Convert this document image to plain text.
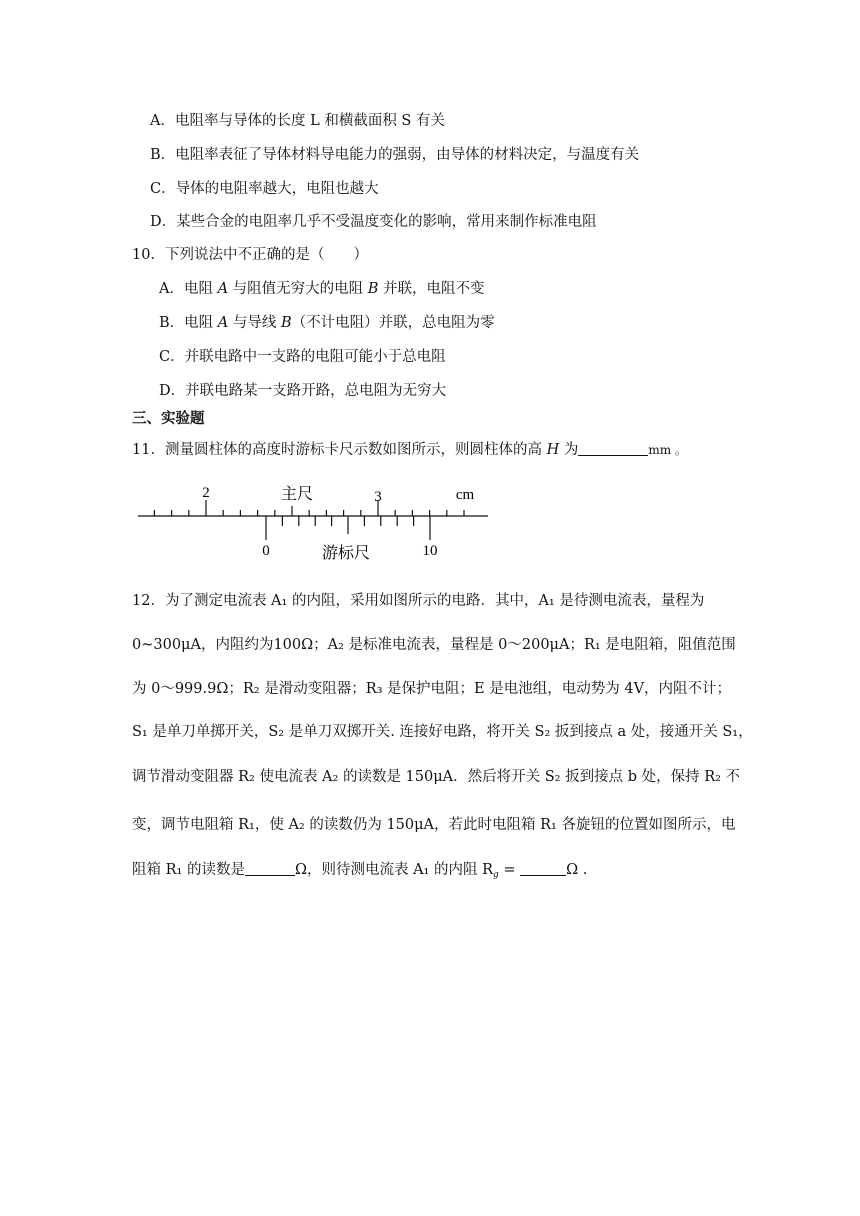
A．电阻率与导体的长度 L 和横截面积 S 有关
B．电阻率表征了导体材料导电能力的强弱，由导体的材料决定，与温度有关
C．导体的电阻率越大，电阻也越大
D．某些合金的电阻率几乎不受温度变化的影响，常用来制作标准电阻
10．下列说法中不正确的是（　　）
A．电阻 A 与阻值无穷大的电阻 B 并联，电阻不变
B．电阻 A 与导线 B（不计电阻）并联，总电阻为零
C．并联电路中一支路的电阻可能小于总电阻
D．并联电路某一支路开路，总电阻为无穷大
三、实验题
11．测量圆柱体的高度时游标卡尺示数如图所示，则圆柱体的高 H 为	mm 。
2	3	cm
主尺
0	10
游标尺
12．为了测定电流表 A₁ 的内阻，采用如图所示的电路．其中，A₁ 是待测电流表，量程为
0~300μA，内阻约为100Ω；A₂ 是标准电流表，量程是 0～200μA；R₁ 是电阻箱，阻值范围
为 0～999.9Ω；R₂ 是滑动变阻器；R₃ 是保护电阻；E 是电池组，电动势为 4V，内阻不计；
S₁ 是单刀单掷开关，S₂ 是单刀双掷开关. 连接好电路，将开关 S₂ 扳到接点 a 处，接通开关 S₁，
调节滑动变阻器 R₂ 使电流表 A₂ 的读数是 150μA．然后将开关 S₂ 扳到接点 b 处，保持 R₂ 不
变，调节电阻箱 R₁，使 A₂ 的读数仍为 150μA，若此时电阻箱 R₁ 各旋钮的位置如图所示，电
阻箱 R₁ 的读数是	Ω，则待测电流表 A₁ 的内阻 $R_g$ =	Ω .
